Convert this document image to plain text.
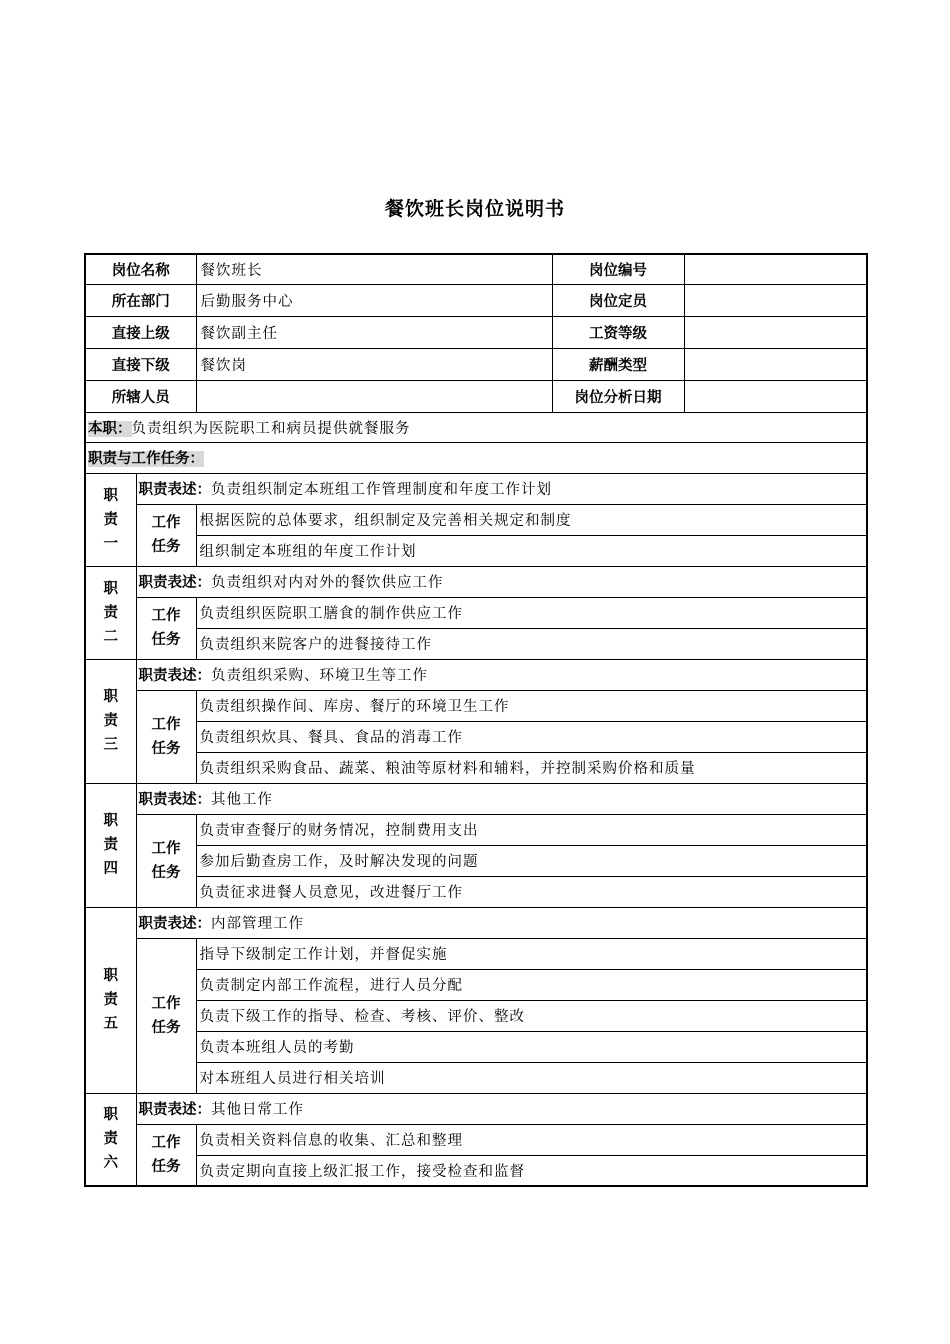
餐饮班长岗位说明书
岗位名称		餐饮班长	岗位编号	
所在部门		后勤服务中心	岗位定员	
直接上级		餐饮副主任	工资等级	
直接下级		餐饮岗	薪酬类型	
所辖人员			岗位分析日期	
本职：负责组织为医院职工和病员提供就餐服务				
职责与工作任务：				

职
责
一	职责表述：负责组织制定本班组工作管理制度和年度工作计划			

	工作
任务	根据医院的总体要求，组织制定及完善相关规定和制度		
		组织制定本班组的年度工作计划		

职
责
二	职责表述：负责组织对内对外的餐饮供应工作			

	工作
任务	负责组织医院职工膳食的制作供应工作		
		负责组织来院客户的进餐接待工作		

职
责
三	职责表述：负责组织采购、环境卫生等工作			

	工作
任务	负责组织操作间、库房、餐厅的环境卫生工作		
		负责组织炊具、餐具、食品的消毒工作		
		负责组织采购食品、蔬菜、粮油等原材料和辅料，并控制采购价格和质量		

职
责
四	职责表述：其他工作			

	工作
任务	负责审查餐厅的财务情况，控制费用支出		
		参加后勤查房工作，及时解决发现的问题		
		负责征求进餐人员意见，改进餐厅工作		

职
责
五	职责表述：内部管理工作			

	工作
任务	指导下级制定工作计划，并督促实施		
		负责制定内部工作流程，进行人员分配		
		负责下级工作的指导、检查、考核、评价、整改		
		负责本班组人员的考勤		
		对本班组人员进行相关培训		

职
责
六	职责表述：其他日常工作			

	工作
任务	负责相关资料信息的收集、汇总和整理		
		负责定期向直接上级汇报工作，接受检查和监督		
